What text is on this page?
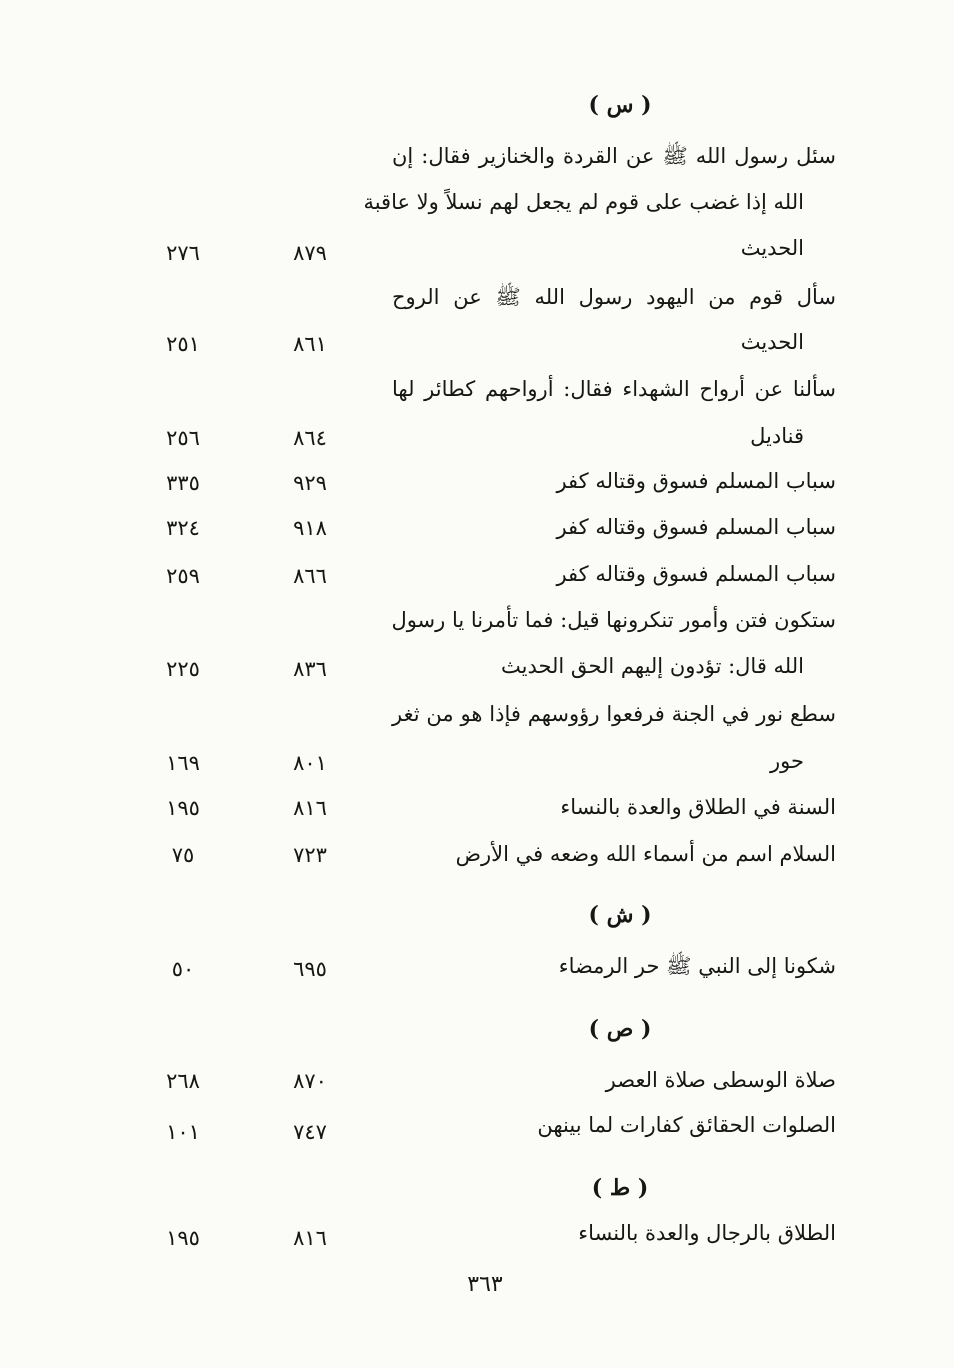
( س )
سئل رسول الله ﷺ عن القردة والخنازير فقال: إن
الله إذا غضب على قوم لم يجعل لهم نسلاً ولا عاقبة
الحديث
٨٧٩
٢٧٦
سأل قوم من اليهود رسول الله ﷺ عن الروح
الحديث
٨٦١
٢٥١
سألنا عن أرواح الشهداء فقال: أرواحهم كطائر لها
قناديل
٨٦٤
٢٥٦
سباب المسلم فسوق وقتاله كفر
٩٢٩
٣٣٥
سباب المسلم فسوق وقتاله كفر
٩١٨
٣٢٤
سباب المسلم فسوق وقتاله كفر
٨٦٦
٢٥٩
ستكون فتن وأمور تنكرونها قيل: فما تأمرنا يا رسول
الله قال: تؤدون إليهم الحق الحديث
٨٣٦
٢٢٥
سطع نور في الجنة فرفعوا رؤوسهم فإذا هو من ثغر
حور
٨٠١
١٦٩
السنة في الطلاق والعدة بالنساء
٨١٦
١٩٥
السلام اسم من أسماء الله وضعه في الأرض
٧٢٣
٧٥
( ش )
شكونا إلى النبي ﷺ حر الرمضاء
٦٩٥
٥٠
( ص )
صلاة الوسطى صلاة العصر
٨٧٠
٢٦٨
الصلوات الحقائق كفارات لما بينهن
٧٤٧
١٠١
( ط )
الطلاق بالرجال والعدة بالنساء
٨١٦
١٩٥
٣٦٣
